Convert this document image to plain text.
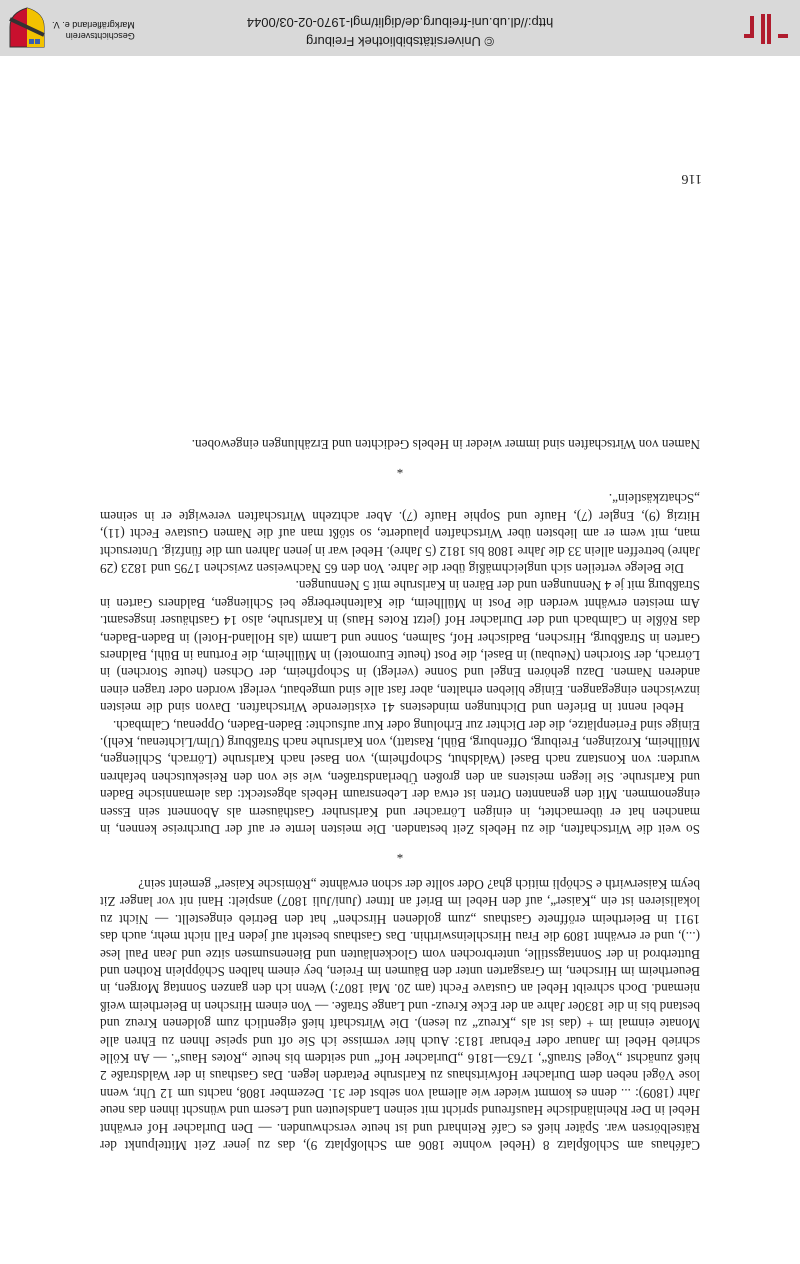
Caféhaus am Schloßplatz 8 (Hebel wohnte 1806 am Schloßplatz 9), das zu jener Zeit Mittelpunkt der Rätselbörsen war. Später hieß es Café Reinhard und ist heute verschwunden. — Den Durlacher Hof erwähnt Hebel in Der Rheinländische Hausfreund spricht mit seinen Landsleuten und Lesern und wünscht ihnen das neue Jahr (1809): ... denn es kommt wieder wie allemal von selbst der 31. Dezember 1808, nachts um 12 Uhr, wenn lose Vögel neben dem Durlacher Hofwirtshaus zu Karlsruhe Petarden legen. Das Gasthaus in der Waldstraße 2 hieß zunächst „Vogel Strauß“, 1763—1816 „Durlacher Hof“ und seitdem bis heute „Rotes Haus“. — An Kölle schrieb Hebel im Januar oder Februar 1813: Auch hier vermisse ich Sie oft und speise Ihnen zu Ehren alle Monate einmal im + (das ist als „Kreuz“ zu lesen). Die Wirtschaft hieß eigentlich zum goldenen Kreuz und bestand bis in die 1830er Jahre an der Ecke Kreuz- und Lange Straße. — Von einem Hirschen in Beiertheim weiß niemand. Doch schreibt Hebel an Gustave Fecht (am 20. Mai 1807:) Wenn ich den ganzen Sonntag Morgen, in Beuertheim im Hirschen, im Grasgarten unter den Bäumen im Freien, bey einem halben Schöpplein Rothen und Butterbrod in der Sonntagsstille, unterbrochen vom Glockenläuten und Bienensumsen sitze und Jean Paul lese (...), und er erwähnt 1809 die Frau Hirschleinswirthin. Das Gasthaus besteht auf jeden Fall nicht mehr, auch das 1911 in Beiertheim eröffnete Gasthaus „zum goldenen Hirschen“ hat den Betrieb eingestellt. — Nicht zu lokalisieren ist ein „Kaiser“, auf den Hebel im Brief an Ittner (Juni/Juli 1807) anspielt: Hani nit vor langer Zit beym Kaiserwirth e Schöpli mitich gha? Oder sollte der schon erwähnte „Römische Kaiser“ gemeint sein?

*

So weit die Wirtschaften, die zu Hebels Zeit bestanden. Die meisten lernte er auf der Durchreise kennen, in manchen hat er übernachtet, in einigen Lörracher und Karlsruher Gasthäusern als Abonnent sein Essen eingenommen. Mit den genannten Orten ist etwa der Lebensraum Hebels abgesteckt: das alemannische Baden und Karlsruhe. Sie liegen meistens an den großen Überlandstraßen, wie sie von den Reisekutschen befahren wurden: von Konstanz nach Basel (Waldshut, Schopfheim), von Basel nach Karlsruhe (Lörrach, Schliengen, Müllheim, Krozingen, Freiburg, Offenburg, Bühl, Rastatt), von Karlsruhe nach Straßburg (Ulm/Lichtenau, Kehl). Einige sind Ferienplätze, die der Dichter zur Erholung oder Kur aufsuchte: Baden-Baden, Oppenau, Calmbach.

Hebel nennt in Briefen und Dichtungen mindestens 41 existierende Wirtschaften. Davon sind die meisten inzwischen eingegangen. Einige blieben erhalten, aber fast alle sind umgebaut, verlegt worden oder tragen einen anderen Namen. Dazu gehören Engel und Sonne (verlegt) in Schopfheim, der Ochsen (heute Storchen) in Lörrach, der Storchen (Neubau) in Basel, die Post (heute Euromotel) in Müllheim, die Fortuna in Bühl, Baldners Garten in Straßburg, Hirschen, Badischer Hof, Salmen, Sonne und Lamm (als Holland-Hotel) in Baden-Baden, das Rößle in Calmbach und der Durlacher Hof (jetzt Rotes Haus) in Karlsruhe, also 14 Gasthäuser insgesamt. Am meisten erwähnt werden die Post in Müllheim, die Kaltenherberge bei Schliengen, Baldners Garten in Straßburg mit je 4 Nennungen und der Bären in Karlsruhe mit 5 Nennungen.

Die Belege verteilen sich ungleichmäßig über die Jahre. Von den 65 Nachweisen zwischen 1795 und 1823 (29 Jahre) betreffen allein 33 die Jahre 1808 bis 1812 (5 Jahre). Hebel war in jenen Jahren um die fünfzig. Untersucht man, mit wem er am liebsten über Wirtschaften plauderte, so stößt man auf die Namen Gustave Fecht (11), Hitzig (9), Engler (7), Haufe und Sophie Haufe (7). Aber achtzehn Wirtschaften verewigte er in seinem „Schatzkästlein“.

*

Namen von Wirtschaften sind immer wieder in Hebels Gedichten und Erzählungen eingewoben.

116
© Universitätsbibliothek Freiburg
http://dl.ub.uni-freiburg.de/diglit/mgl-1970-02-03/0044
Geschichtsverein
Markgräflerland e. V.
